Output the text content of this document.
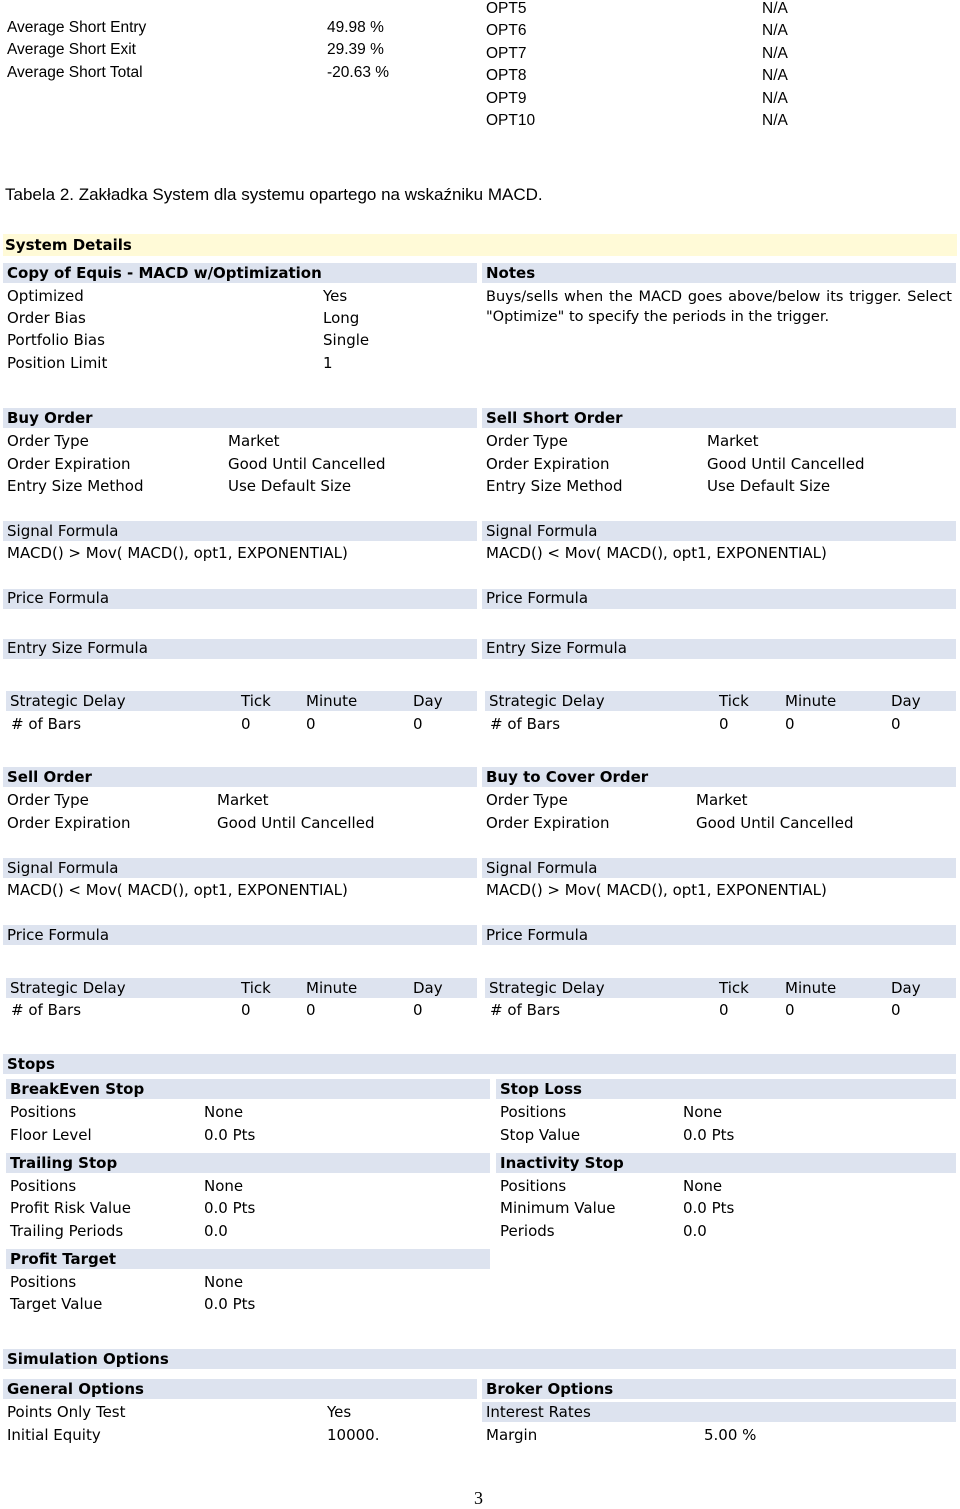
Average Short Entry	49.98 %
Average Short Exit	29.39 %
Average Short Total	-20.63 %
OPT5	N/A
OPT6	N/A
OPT7	N/A
OPT8	N/A
OPT9	N/A
OPT10	N/A
Tabela 2. Zakładka System dla systemu opartego na wskaźniku MACD.
System Details
Copy of Equis - MACD w/Optimization	Notes
Optimized	Yes
Order Bias	Long
Portfolio Bias	Single
Position Limit	1
Buys/sells when the MACD goes above/below its trigger. Select "Optimize" to specify the periods in the trigger.
Buy Order
Order Type	Market
Order Expiration	Good Until Cancelled
Entry Size Method	Use Default Size
Signal Formula
MACD() > Mov( MACD(), opt1, EXPONENTIAL)
Price Formula
Entry Size Formula
Strategic Delay	Tick Minute	Day
# of Bars	0	0	0
Sell Short Order
Order Type	Market
Order Expiration	Good Until Cancelled
Entry Size Method	Use Default Size
Signal Formula
MACD() < Mov( MACD(), opt1, EXPONENTIAL)
Price Formula
Entry Size Formula
Strategic Delay	Tick Minute	Day
# of Bars	0	0	0
Sell Order
Order Type	Market
Order Expiration	Good Until Cancelled
Signal Formula
MACD() < Mov( MACD(), opt1, EXPONENTIAL)
Price Formula
Strategic Delay	Tick Minute	Day
# of Bars	0	0	0
Buy to Cover Order
Order Type	Market
Order Expiration	Good Until Cancelled
Signal Formula
MACD() > Mov( MACD(), opt1, EXPONENTIAL)
Price Formula
Strategic Delay	Tick Minute	Day
# of Bars	0	0	0
Stops
BreakEven Stop
Positions	None
Floor Level	0.0 Pts
Stop Loss
Positions	None
Stop Value	0.0 Pts
Trailing Stop
Positions	None
Profit Risk Value	0.0 Pts
Trailing Periods	0.0
Inactivity Stop
Positions	None
Minimum Value	0.0 Pts
Periods	0.0
Profit Target
Positions	None
Target Value	0.0 Pts
Simulation Options
General Options
Points Only Test	Yes
Initial Equity	10000.
Broker Options
Interest Rates
Margin	5.00 %
3
